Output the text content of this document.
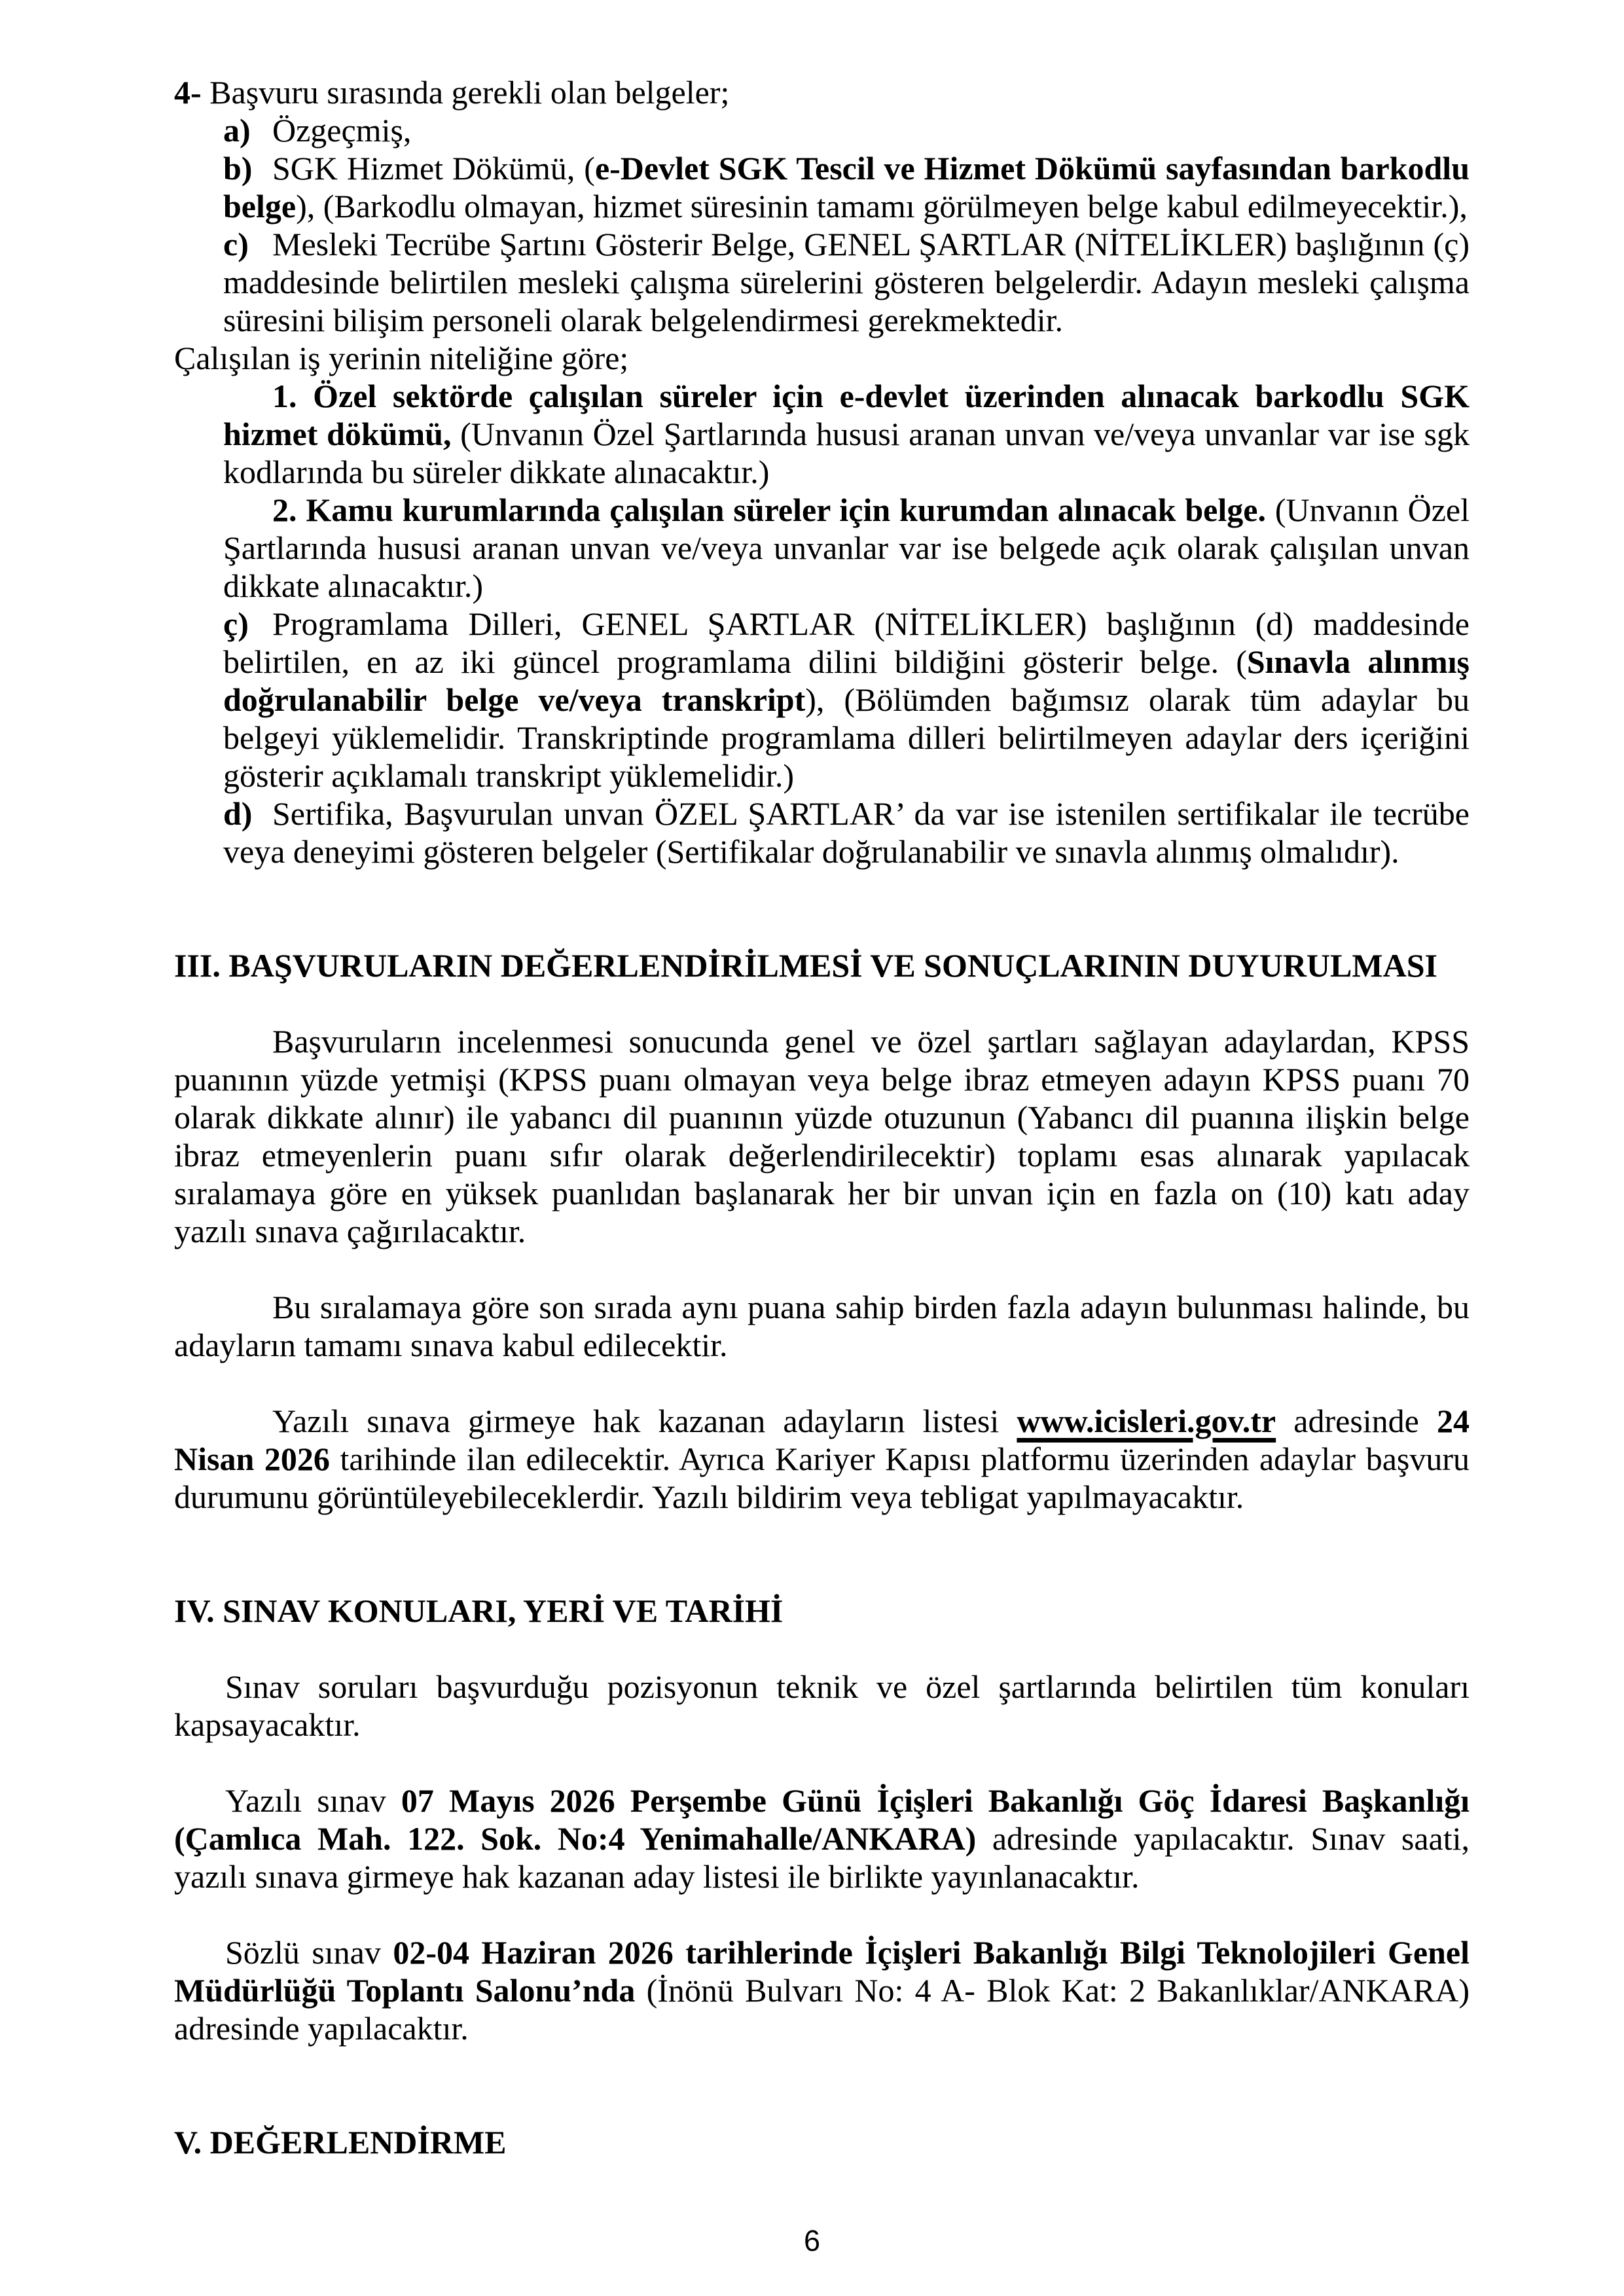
4- Başvuru sırasında gerekli olan belgeler;

a) Özgeçmiş,

b) SGK Hizmet Dökümü, (e-Devlet SGK Tescil ve Hizmet Dökümü sayfasından barkodlu belge), (Barkodlu olmayan, hizmet süresinin tamamı görülmeyen belge kabul edilmeyecektir.),

c) Mesleki Tecrübe Şartını Gösterir Belge, GENEL ŞARTLAR (NİTELİKLER) başlığının (ç) maddesinde belirtilen mesleki çalışma sürelerini gösteren belgelerdir. Adayın mesleki çalışma süresini bilişim personeli olarak belgelendirmesi gerekmektedir.

Çalışılan iş yerinin niteliğine göre;

1. Özel sektörde çalışılan süreler için e-devlet üzerinden alınacak barkodlu SGK hizmet dökümü, (Unvanın Özel Şartlarında hususi aranan unvan ve/veya unvanlar var ise sgk kodlarında bu süreler dikkate alınacaktır.)

2. Kamu kurumlarında çalışılan süreler için kurumdan alınacak belge. (Unvanın Özel Şartlarında hususi aranan unvan ve/veya unvanlar var ise belgede açık olarak çalışılan unvan dikkate alınacaktır.)

ç) Programlama Dilleri, GENEL ŞARTLAR (NİTELİKLER) başlığının (d) maddesinde belirtilen, en az iki güncel programlama dilini bildiğini gösterir belge. (Sınavla alınmış doğrulanabilir belge ve/veya transkript), (Bölümden bağımsız olarak tüm adaylar bu belgeyi yüklemelidir. Transkriptinde programlama dilleri belirtilmeyen adaylar ders içeriğini gösterir açıklamalı transkript yüklemelidir.)

d) Sertifika, Başvurulan unvan ÖZEL ŞARTLAR’ da var ise istenilen sertifikalar ile tecrübe veya deneyimi gösteren belgeler (Sertifikalar doğrulanabilir ve sınavla alınmış olmalıdır).

III. BAŞVURULARIN DEĞERLENDİRİLMESİ VE SONUÇLARININ DUYURULMASI

Başvuruların incelenmesi sonucunda genel ve özel şartları sağlayan adaylardan, KPSS puanının yüzde yetmişi (KPSS puanı olmayan veya belge ibraz etmeyen adayın KPSS puanı 70 olarak dikkate alınır) ile yabancı dil puanının yüzde otuzunun (Yabancı dil puanına ilişkin belge ibraz etmeyenlerin puanı sıfır olarak değerlendirilecektir) toplamı esas alınarak yapılacak sıralamaya göre en yüksek puanlıdan başlanarak her bir unvan için en fazla on (10) katı aday yazılı sınava çağırılacaktır.

Bu sıralamaya göre son sırada aynı puana sahip birden fazla adayın bulunması halinde, bu adayların tamamı sınava kabul edilecektir.

Yazılı sınava girmeye hak kazanan adayların listesi www.icisleri.gov.tr adresinde 24 Nisan 2026 tarihinde ilan edilecektir. Ayrıca Kariyer Kapısı platformu üzerinden adaylar başvuru durumunu görüntüleyebileceklerdir. Yazılı bildirim veya tebligat yapılmayacaktır.

IV. SINAV KONULARI, YERİ VE TARİHİ

Sınav soruları başvurduğu pozisyonun teknik ve özel şartlarında belirtilen tüm konuları kapsayacaktır.

Yazılı sınav 07 Mayıs 2026 Perşembe Günü İçişleri Bakanlığı Göç İdaresi Başkanlığı (Çamlıca Mah. 122. Sok. No:4 Yenimahalle/ANKARA) adresinde yapılacaktır. Sınav saati, yazılı sınava girmeye hak kazanan aday listesi ile birlikte yayınlanacaktır.

Sözlü sınav 02-04 Haziran 2026 tarihlerinde İçişleri Bakanlığı Bilgi Teknolojileri Genel Müdürlüğü Toplantı Salonu’nda (İnönü Bulvarı No: 4 A- Blok Kat: 2 Bakanlıklar/ANKARA) adresinde yapılacaktır.

V. DEĞERLENDİRME

6
